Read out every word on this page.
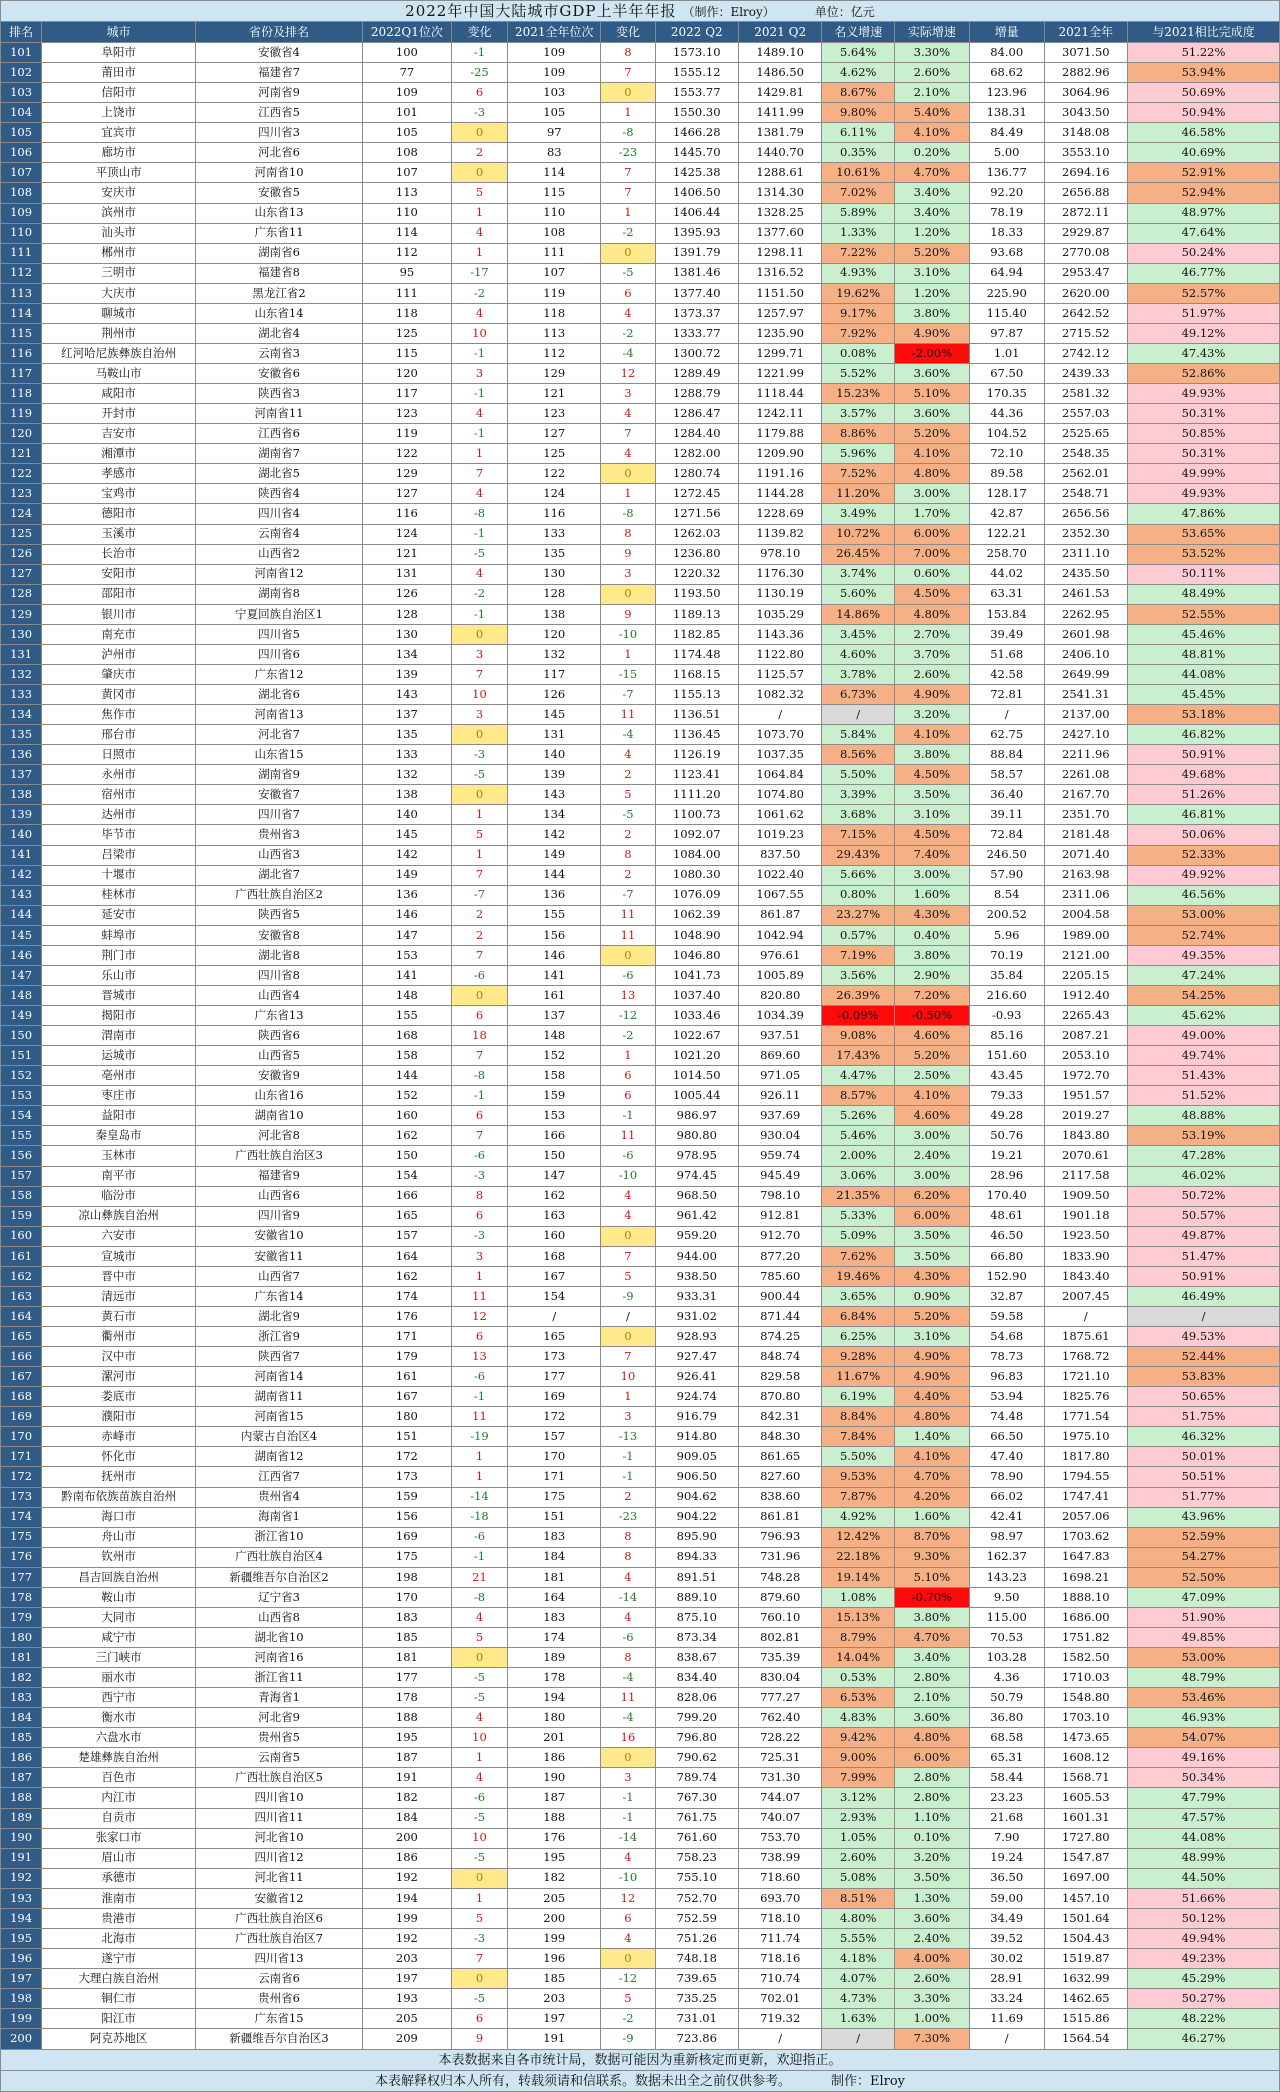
2022年中国大陆城市GDP上半年年报 （制作：Elroy） 单位：亿元													
排名	城市	省份及排名	2022Q1位次	变化	2021全年位次	变化	2022 Q2	2021 Q2	名义增速	实际增速	增量	2021全年	与2021相比完成度
101	阜阳市	安徽省4	100	-1	109	8	1573.10	1489.10	5.64%	3.30%	84.00	3071.50	51.22%
102	莆田市	福建省7	77	-25	109	7	1555.12	1486.50	4.62%	2.60%	68.62	2882.96	53.94%
103	信阳市	河南省9	109	6	103	0	1553.77	1429.81	8.67%	2.10%	123.96	3064.96	50.69%
104	上饶市	江西省5	101	-3	105	1	1550.30	1411.99	9.80%	5.40%	138.31	3043.50	50.94%
105	宜宾市	四川省3	105	0	97	-8	1466.28	1381.79	6.11%	4.10%	84.49	3148.08	46.58%
106	廊坊市	河北省6	108	2	83	-23	1445.70	1440.70	0.35%	0.20%	5.00	3553.10	40.69%
107	平顶山市	河南省10	107	0	114	7	1425.38	1288.61	10.61%	4.70%	136.77	2694.16	52.91%
108	安庆市	安徽省5	113	5	115	7	1406.50	1314.30	7.02%	3.40%	92.20	2656.88	52.94%
109	滨州市	山东省13	110	1	110	1	1406.44	1328.25	5.89%	3.40%	78.19	2872.11	48.97%
110	汕头市	广东省11	114	4	108	-2	1395.93	1377.60	1.33%	1.20%	18.33	2929.87	47.64%
111	郴州市	湖南省6	112	1	111	0	1391.79	1298.11	7.22%	5.20%	93.68	2770.08	50.24%
112	三明市	福建省8	95	-17	107	-5	1381.46	1316.52	4.93%	3.10%	64.94	2953.47	46.77%
113	大庆市	黑龙江省2	111	-2	119	6	1377.40	1151.50	19.62%	1.20%	225.90	2620.00	52.57%
114	聊城市	山东省14	118	4	118	4	1373.37	1257.97	9.17%	3.80%	115.40	2642.52	51.97%
115	荆州市	湖北省4	125	10	113	-2	1333.77	1235.90	7.92%	4.90%	97.87	2715.52	49.12%
116	红河哈尼族彝族自治州	云南省3	115	-1	112	-4	1300.72	1299.71	0.08%	-2.00%	1.01	2742.12	47.43%
117	马鞍山市	安徽省6	120	3	129	12	1289.49	1221.99	5.52%	3.60%	67.50	2439.33	52.86%
118	咸阳市	陕西省3	117	-1	121	3	1288.79	1118.44	15.23%	5.10%	170.35	2581.32	49.93%
119	开封市	河南省11	123	4	123	4	1286.47	1242.11	3.57%	3.60%	44.36	2557.03	50.31%
120	吉安市	江西省6	119	-1	127	7	1284.40	1179.88	8.86%	5.20%	104.52	2525.65	50.85%
121	湘潭市	湖南省7	122	1	125	4	1282.00	1209.90	5.96%	4.10%	72.10	2548.35	50.31%
122	孝感市	湖北省5	129	7	122	0	1280.74	1191.16	7.52%	4.80%	89.58	2562.01	49.99%
123	宝鸡市	陕西省4	127	4	124	1	1272.45	1144.28	11.20%	3.00%	128.17	2548.71	49.93%
124	德阳市	四川省4	116	-8	116	-8	1271.56	1228.69	3.49%	1.70%	42.87	2656.56	47.86%
125	玉溪市	云南省4	124	-1	133	8	1262.03	1139.82	10.72%	6.00%	122.21	2352.30	53.65%
126	长治市	山西省2	121	-5	135	9	1236.80	978.10	26.45%	7.00%	258.70	2311.10	53.52%
127	安阳市	河南省12	131	4	130	3	1220.32	1176.30	3.74%	0.60%	44.02	2435.50	50.11%
128	邵阳市	湖南省8	126	-2	128	0	1193.50	1130.19	5.60%	4.50%	63.31	2461.53	48.49%
129	银川市	宁夏回族自治区1	128	-1	138	9	1189.13	1035.29	14.86%	4.80%	153.84	2262.95	52.55%
130	南充市	四川省5	130	0	120	-10	1182.85	1143.36	3.45%	2.70%	39.49	2601.98	45.46%
131	泸州市	四川省6	134	3	132	1	1174.48	1122.80	4.60%	3.70%	51.68	2406.10	48.81%
132	肇庆市	广东省12	139	7	117	-15	1168.15	1125.57	3.78%	2.60%	42.58	2649.99	44.08%
133	黄冈市	湖北省6	143	10	126	-7	1155.13	1082.32	6.73%	4.90%	72.81	2541.31	45.45%
134	焦作市	河南省13	137	3	145	11	1136.51	/	/	3.20%	/	2137.00	53.18%
135	邢台市	河北省7	135	0	131	-4	1136.45	1073.70	5.84%	4.10%	62.75	2427.10	46.82%
136	日照市	山东省15	133	-3	140	4	1126.19	1037.35	8.56%	3.80%	88.84	2211.96	50.91%
137	永州市	湖南省9	132	-5	139	2	1123.41	1064.84	5.50%	4.50%	58.57	2261.08	49.68%
138	宿州市	安徽省7	138	0	143	5	1111.20	1074.80	3.39%	3.50%	36.40	2167.70	51.26%
139	达州市	四川省7	140	1	134	-5	1100.73	1061.62	3.68%	3.10%	39.11	2351.70	46.81%
140	毕节市	贵州省3	145	5	142	2	1092.07	1019.23	7.15%	4.50%	72.84	2181.48	50.06%
141	吕梁市	山西省3	142	1	149	8	1084.00	837.50	29.43%	7.40%	246.50	2071.40	52.33%
142	十堰市	湖北省7	149	7	144	2	1080.30	1022.40	5.66%	3.00%	57.90	2163.98	49.92%
143	桂林市	广西壮族自治区2	136	-7	136	-7	1076.09	1067.55	0.80%	1.60%	8.54	2311.06	46.56%
144	延安市	陕西省5	146	2	155	11	1062.39	861.87	23.27%	4.30%	200.52	2004.58	53.00%
145	蚌埠市	安徽省8	147	2	156	11	1048.90	1042.94	0.57%	0.40%	5.96	1989.00	52.74%
146	荆门市	湖北省8	153	7	146	0	1046.80	976.61	7.19%	3.80%	70.19	2121.00	49.35%
147	乐山市	四川省8	141	-6	141	-6	1041.73	1005.89	3.56%	2.90%	35.84	2205.15	47.24%
148	晋城市	山西省4	148	0	161	13	1037.40	820.80	26.39%	7.20%	216.60	1912.40	54.25%
149	揭阳市	广东省13	155	6	137	-12	1033.46	1034.39	-0.09%	-0.50%	-0.93	2265.43	45.62%
150	渭南市	陕西省6	168	18	148	-2	1022.67	937.51	9.08%	4.60%	85.16	2087.21	49.00%
151	运城市	山西省5	158	7	152	1	1021.20	869.60	17.43%	5.20%	151.60	2053.10	49.74%
152	亳州市	安徽省9	144	-8	158	6	1014.50	971.05	4.47%	2.50%	43.45	1972.70	51.43%
153	枣庄市	山东省16	152	-1	159	6	1005.44	926.11	8.57%	4.10%	79.33	1951.57	51.52%
154	益阳市	湖南省10	160	6	153	-1	986.97	937.69	5.26%	4.60%	49.28	2019.27	48.88%
155	秦皇岛市	河北省8	162	7	166	11	980.80	930.04	5.46%	3.00%	50.76	1843.80	53.19%
156	玉林市	广西壮族自治区3	150	-6	150	-6	978.95	959.74	2.00%	2.40%	19.21	2070.61	47.28%
157	南平市	福建省9	154	-3	147	-10	974.45	945.49	3.06%	3.00%	28.96	2117.58	46.02%
158	临汾市	山西省6	166	8	162	4	968.50	798.10	21.35%	6.20%	170.40	1909.50	50.72%
159	凉山彝族自治州	四川省9	165	6	163	4	961.42	912.81	5.33%	6.00%	48.61	1901.18	50.57%
160	六安市	安徽省10	157	-3	160	0	959.20	912.70	5.09%	3.50%	46.50	1923.50	49.87%
161	宣城市	安徽省11	164	3	168	7	944.00	877.20	7.62%	3.50%	66.80	1833.90	51.47%
162	晋中市	山西省7	162	1	167	5	938.50	785.60	19.46%	4.30%	152.90	1843.40	50.91%
163	清远市	广东省14	174	11	154	-9	933.31	900.44	3.65%	0.90%	32.87	2007.45	46.49%
164	黄石市	湖北省9	176	12	/	/	931.02	871.44	6.84%	5.20%	59.58	/	/
165	衢州市	浙江省9	171	6	165	0	928.93	874.25	6.25%	3.10%	54.68	1875.61	49.53%
166	汉中市	陕西省7	179	13	173	7	927.47	848.74	9.28%	4.90%	78.73	1768.72	52.44%
167	漯河市	河南省14	161	-6	177	10	926.41	829.58	11.67%	4.90%	96.83	1721.10	53.83%
168	娄底市	湖南省11	167	-1	169	1	924.74	870.80	6.19%	4.40%	53.94	1825.76	50.65%
169	濮阳市	河南省15	180	11	172	3	916.79	842.31	8.84%	4.80%	74.48	1771.54	51.75%
170	赤峰市	内蒙古自治区4	151	-19	157	-13	914.80	848.30	7.84%	1.40%	66.50	1975.10	46.32%
171	怀化市	湖南省12	172	1	170	-1	909.05	861.65	5.50%	4.10%	47.40	1817.80	50.01%
172	抚州市	江西省7	173	1	171	-1	906.50	827.60	9.53%	4.70%	78.90	1794.55	50.51%
173	黔南布依族苗族自治州	贵州省4	159	-14	175	2	904.62	838.60	7.87%	4.20%	66.02	1747.41	51.77%
174	海口市	海南省1	156	-18	151	-23	904.22	861.81	4.92%	1.60%	42.41	2057.06	43.96%
175	舟山市	浙江省10	169	-6	183	8	895.90	796.93	12.42%	8.70%	98.97	1703.62	52.59%
176	钦州市	广西壮族自治区4	175	-1	184	8	894.33	731.96	22.18%	9.30%	162.37	1647.83	54.27%
177	昌吉回族自治州	新疆维吾尔自治区2	198	21	181	4	891.51	748.28	19.14%	5.10%	143.23	1698.21	52.50%
178	鞍山市	辽宁省3	170	-8	164	-14	889.10	879.60	1.08%	-0.70%	9.50	1888.10	47.09%
179	大同市	山西省8	183	4	183	4	875.10	760.10	15.13%	3.80%	115.00	1686.00	51.90%
180	咸宁市	湖北省10	185	5	174	-6	873.34	802.81	8.79%	4.70%	70.53	1751.82	49.85%
181	三门峡市	河南省16	181	0	189	8	838.67	735.39	14.04%	3.40%	103.28	1582.50	53.00%
182	丽水市	浙江省11	177	-5	178	-4	834.40	830.04	0.53%	2.80%	4.36	1710.03	48.79%
183	西宁市	青海省1	178	-5	194	11	828.06	777.27	6.53%	2.10%	50.79	1548.80	53.46%
184	衡水市	河北省9	188	4	180	-4	799.20	762.40	4.83%	3.60%	36.80	1703.10	46.93%
185	六盘水市	贵州省5	195	10	201	16	796.80	728.22	9.42%	4.80%	68.58	1473.65	54.07%
186	楚雄彝族自治州	云南省5	187	1	186	0	790.62	725.31	9.00%	6.00%	65.31	1608.12	49.16%
187	百色市	广西壮族自治区5	191	4	190	3	789.74	731.30	7.99%	2.80%	58.44	1568.71	50.34%
188	内江市	四川省10	182	-6	187	-1	767.30	744.07	3.12%	2.80%	23.23	1605.53	47.79%
189	自贡市	四川省11	184	-5	188	-1	761.75	740.07	2.93%	1.10%	21.68	1601.31	47.57%
190	张家口市	河北省10	200	10	176	-14	761.60	753.70	1.05%	0.10%	7.90	1727.80	44.08%
191	眉山市	四川省12	186	-5	195	4	758.23	738.99	2.60%	3.20%	19.24	1547.87	48.99%
192	承德市	河北省11	192	0	182	-10	755.10	718.60	5.08%	3.50%	36.50	1697.00	44.50%
193	淮南市	安徽省12	194	1	205	12	752.70	693.70	8.51%	1.30%	59.00	1457.10	51.66%
194	贵港市	广西壮族自治区6	199	5	200	6	752.59	718.10	4.80%	3.60%	34.49	1501.64	50.12%
195	北海市	广西壮族自治区7	192	-3	199	4	751.26	711.74	5.55%	2.40%	39.52	1504.43	49.94%
196	遂宁市	四川省13	203	7	196	0	748.18	718.16	4.18%	4.00%	30.02	1519.87	49.23%
197	大理白族自治州	云南省6	197	0	185	-12	739.65	710.74	4.07%	2.60%	28.91	1632.99	45.29%
198	铜仁市	贵州省6	193	-5	203	5	735.25	702.01	4.73%	3.30%	33.24	1462.65	50.27%
199	阳江市	广东省15	205	6	197	-2	731.01	719.32	1.63%	1.00%	11.69	1515.86	48.22%
200	阿克苏地区	新疆维吾尔自治区3	209	9	191	-9	723.86	/	/	7.30%	/	1564.54	46.27%
本表数据来自各市统计局，数据可能因为重新核定而更新，欢迎指正。													
本表解释权归本人所有，转载须请和信联系。数据未出全之前仅供参考。 制作：Elroy													
